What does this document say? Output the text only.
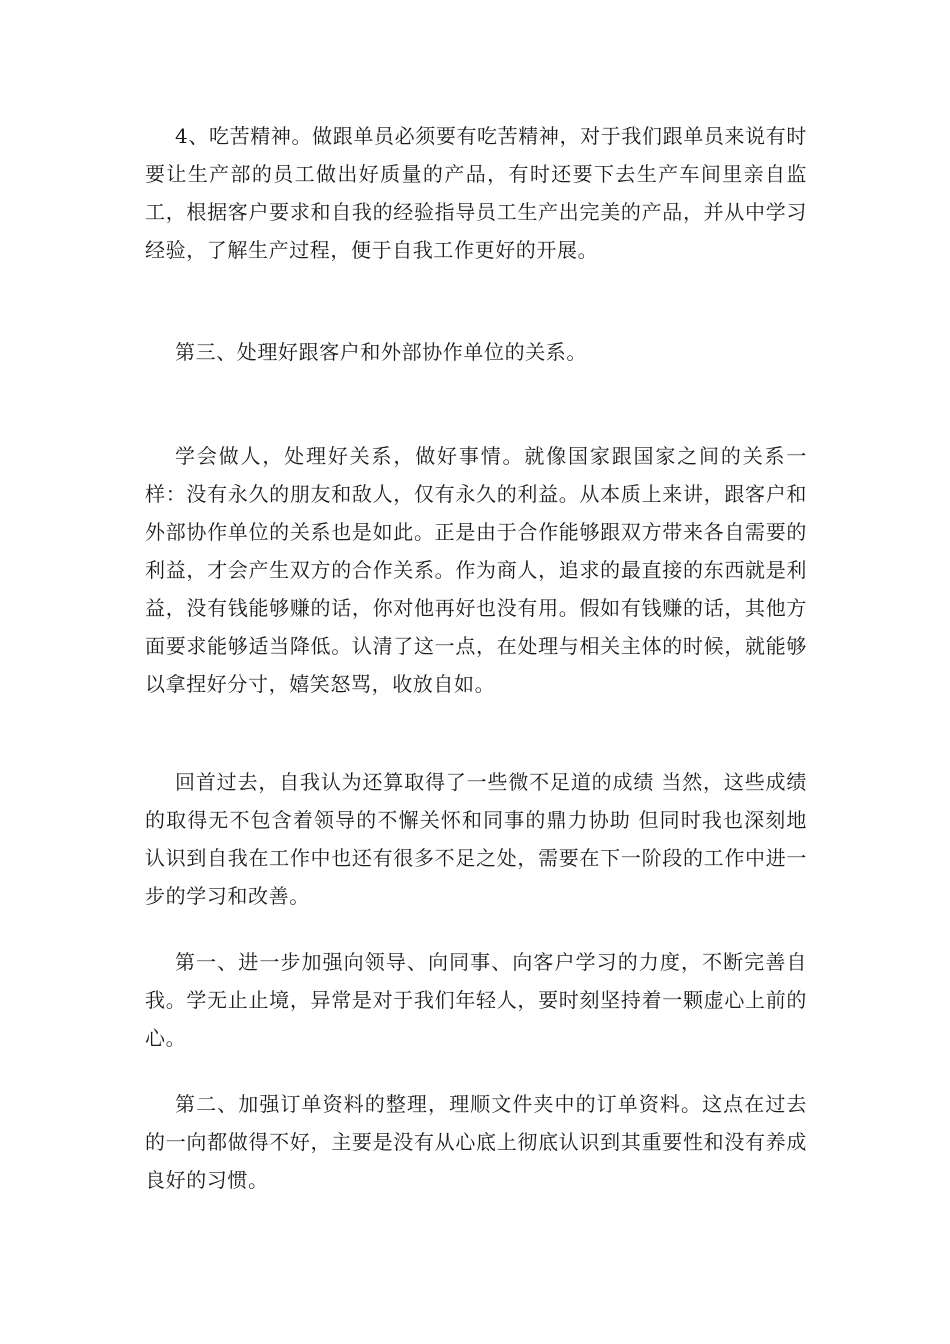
4、吃苦精神。做跟单员必须要有吃苦精神，对于我们跟单员来说有时要让生产部的员工做出好质量的产品，有时还要下去生产车间里亲自监工，根据客户要求和自我的经验指导员工生产出完美的产品，并从中学习经验，了解生产过程，便于自我工作更好的开展。

第三、处理好跟客户和外部协作单位的关系。

学会做人，处理好关系，做好事情。就像国家跟国家之间的关系一样：没有永久的朋友和敌人，仅有永久的利益。从本质上来讲，跟客户和外部协作单位的关系也是如此。正是由于合作能够跟双方带来各自需要的利益，才会产生双方的合作关系。作为商人，追求的最直接的东西就是利益，没有钱能够赚的话，你对他再好也没有用。假如有钱赚的话，其他方面要求能够适当降低。认清了这一点，在处理与相关主体的时候，就能够以拿捏好分寸，嬉笑怒骂，收放自如。

回首过去，自我认为还算取得了一些微不足道的成绩 当然，这些成绩的取得无不包含着领导的不懈关怀和同事的鼎力协助 但同时我也深刻地认识到自我在工作中也还有很多不足之处，需要在下一阶段的工作中进一步的学习和改善。

第一、进一步加强向领导、向同事、向客户学习的力度，不断完善自我。学无止止境，异常是对于我们年轻人，要时刻坚持着一颗虚心上前的心。

第二、加强订单资料的整理，理顺文件夹中的订单资料。这点在过去的一向都做得不好，主要是没有从心底上彻底认识到其重要性和没有养成良好的习惯。
